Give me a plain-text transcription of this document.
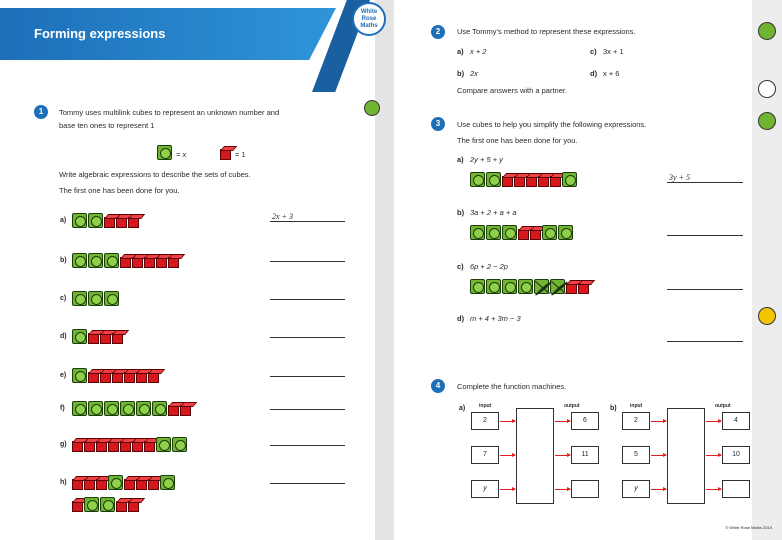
Forming expressions
White
Rose
Maths
1	Tommy uses multilink cubes to represent an unknown number and
base ten ones to represent 1
= x	= 1
Write algebraic expressions to describe the sets of cubes.
The first one has been done for you.
a)	2x + 3
b)
c)
d)
e)
f)
g)
h)
2	Use Tommy’s method to represent these expressions.
a) x + 2	c) 3x + 1
b) 2x	d) x + 6
Compare answers with a partner.
3	Use cubes to help you simplify the following expressions.
The first one has been done for you.
a) 2y + 5 + y
3y + 5
b) 3a + 2 + a + a
c) 6p + 2 − 2p
d) m + 4 + 3m − 3
4	Complete the function machines.
a)	input	output
2	6
7	11
y
b)	input	output
2	4
5	10
y
© White Rose Maths 2019
